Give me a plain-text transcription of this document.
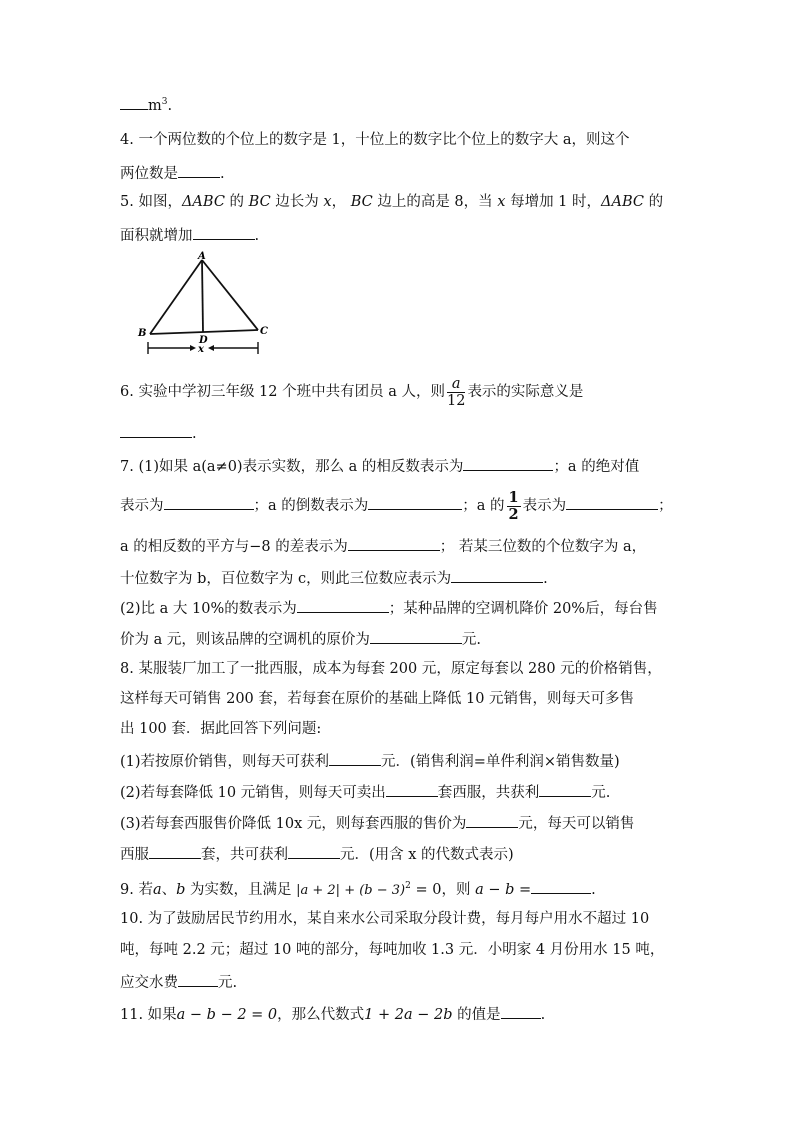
$m^3$.
4. 一个两位数的个位上的数字是 1，十位上的数字比个位上的数字大 a，则这个
两位数是	.
5. 如图，ΔABC 的 BC 边长为 x， BC 边上的高是 8，当 x 每增加 1 时，ΔABC 的
面积就增加	.
A
B	C
D
x
6. 实验中学初三年级 12 个班中共有团员 a 人，则 $\frac{a}{12}$ 表示的实际意义是
.
7. (1)如果 a(a≠0)表示实数，那么 a 的相反数表示为	；a 的绝对值
表示为	；a 的倒数表示为	；a 的 $\frac{1}{2}$ 表示为	；
a 的相反数的平方与−8 的差表示为	； 若某三位数的个位数字为 a，
十位数字为 b，百位数字为 c，则此三位数应表示为	.
(2)比 a 大 10%的数表示为	；某种品牌的空调机降价 20%后，每台售
价为 a 元，则该品牌的空调机的原价为	元.
8. 某服装厂加工了一批西服，成本为每套 200 元，原定每套以 280 元的价格销售，
这样每天可销售 200 套，若每套在原价的基础上降低 10 元销售，则每天可多售
出 100 套．据此回答下列问题:
(1)若按原价销售，则每天可获利	元．(销售利润=单件利润×销售数量)
(2)若每套降低 10 元销售，则每天可卖出	套西服，共获利	元.
(3)若每套西服售价降低 10x 元，则每套西服的售价为	元，每天可以销售
西服	套，共可获利	元．(用含 x 的代数式表示)
9. 若a、b 为实数，且满足 $|a + 2| + (b - 3)^2 = 0$，则 a − b =	.
10. 为了鼓励居民节约用水，某自来水公司采取分段计费，每月每户用水不超过 10
吨，每吨 2.2 元；超过 10 吨的部分，每吨加收 1.3 元．小明家 4 月份用水 15 吨，
应交水费	元.
11. 如果a − b − 2 = 0，那么代数式1 + 2a − 2b 的值是	.
